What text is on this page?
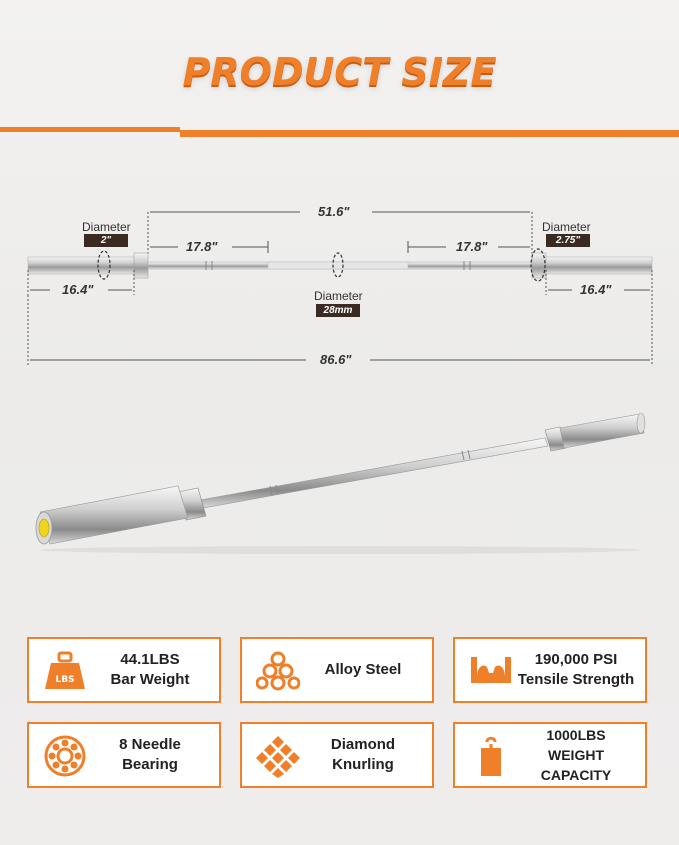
PRODUCT SIZE
51.6"
17.8"	17.8"
16.4"	16.4"
86.6"
Diameter
2"
Diameter
2.75"
Diameter
28mm
LBS
44.1LBS
Bar Weight
Alloy Steel
190,000 PSI
Tensile Strength
8 Needle
Bearing
Diamond
Knurling
1000LBS
WEIGHT CAPACITY
